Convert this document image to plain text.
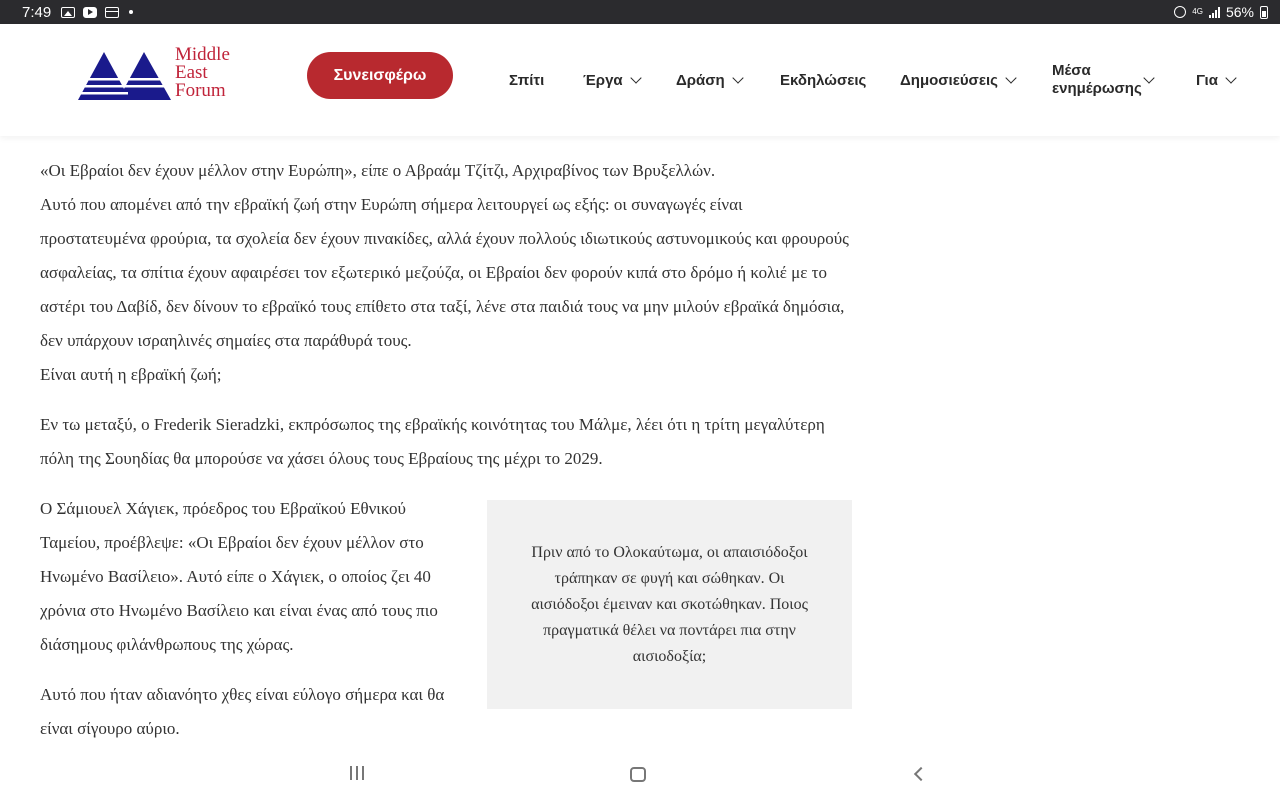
7:49	4G 56%
Middle
East
Forum
Συνεισφέρω	Σπίτι	Έργα	Δράση	Εκδηλώσεις Δημοσιεύσεις
Μέσα ενημέρωσης	Για

«Οι Εβραίοι δεν έχουν μέλλον στην Ευρώπη», είπε ο Αβραάμ Τζίτζι, Αρχιραβίνος των Βρυξελλών.

Αυτό που απομένει από την εβραϊκή ζωή στην Ευρώπη σήμερα λειτουργεί ως εξής: οι συναγωγές είναι προστατευμένα φρούρια, τα σχολεία δεν έχουν πινακίδες, αλλά έχουν πολλούς ιδιωτικούς αστυνομικούς και φρουρούς ασφαλείας, τα σπίτια έχουν αφαιρέσει τον εξωτερικό μεζούζα, οι Εβραίοι δεν φορούν κιπά στο δρόμο ή κολιέ με το αστέρι του Δαβίδ, δεν δίνουν το εβραϊκό τους επίθετο στα ταξί, λένε στα παιδιά τους να μην μιλούν εβραϊκά δημόσια, δεν υπάρχουν ισραηλινές σημαίες στα παράθυρά τους.

Είναι αυτή η εβραϊκή ζωή;

Εν τω μεταξύ, ο Frederik Sieradzki, εκπρόσωπος της εβραϊκής κοινότητας του Μάλμε, λέει ότι η τρίτη μεγαλύτερη πόλη της Σουηδίας θα μπορούσε να χάσει όλους τους Εβραίους της μέχρι το 2029.

Ο Σάμιουελ Χάγιεκ, πρόεδρος του Εβραϊκού Εθνικού Ταμείου, προέβλεψε: «Οι Εβραίοι δεν έχουν μέλλον στο Ηνωμένο Βασίλειο». Αυτό είπε ο Χάγιεκ, ο οποίος ζει 40 χρόνια στο Ηνωμένο Βασίλειο και είναι ένας από τους πιο διάσημους φιλάνθρωπους της χώρας.

Αυτό που ήταν αδιανόητο χθες είναι εύλογο σήμερα και θα είναι σίγουρο αύριο.

Πριν από το Ολοκαύτωμα, οι απαισιόδοξοι τράπηκαν σε φυγή και σώθηκαν. Οι αισιόδοξοι έμειναν και σκοτώθηκαν. Ποιος πραγματικά θέλει να ποντάρει πια στην αισιοδοξία;
